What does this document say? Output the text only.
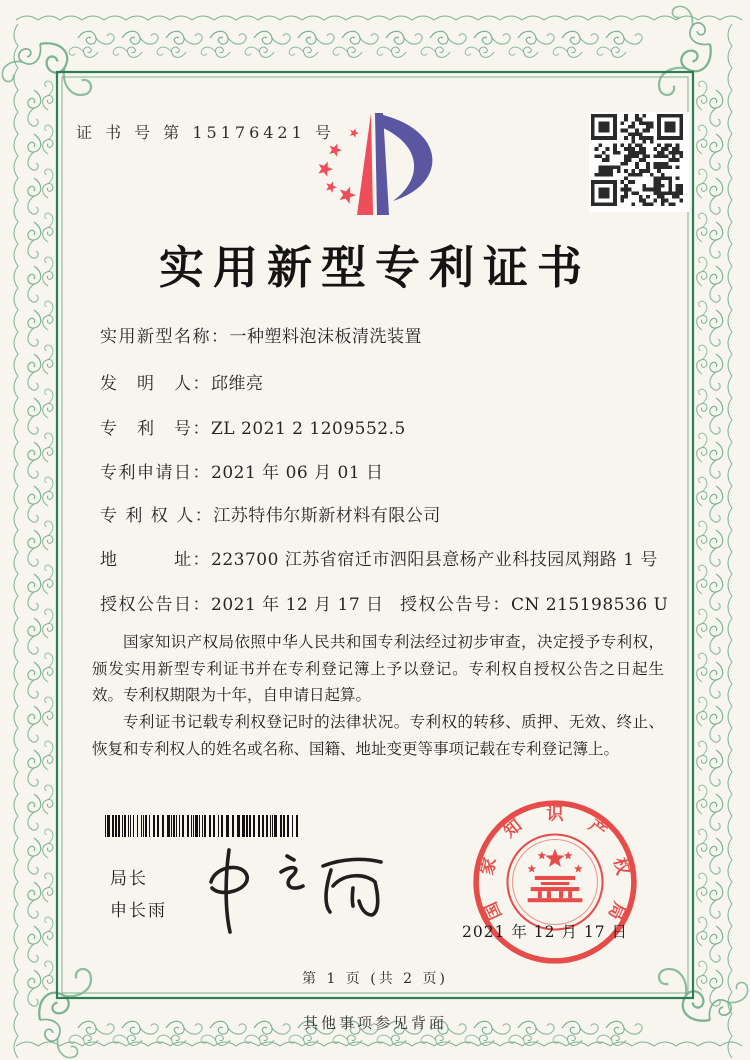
证 书 号 第 15176421 号
实用新型专利证书
实用新型名称：一种塑料泡沫板清洗装置
发　明　人：邱维亮
专　利　号：ZL 2021 2 1209552.5
专利申请日：2021 年 06 月 01 日
专 利 权 人：江苏特伟尔斯新材料有限公司
地　　　址：223700 江苏省宿迁市泗阳县意杨产业科技园凤翔路 1 号
授权公告日：2021 年 12 月 17 日 授权公告号：CN 215198536 U

国家知识产权局依照中华人民共和国专利法经过初步审查，决定授予专利权，颁发实用新型专利证书并在专利登记簿上予以登记。专利权自授权公告之日起生效。专利权期限为十年，自申请日起算。

专利证书记载专利权登记时的法律状况。专利权的转移、质押、无效、终止、恢复和专利权人的姓名或名称、国籍、地址变更等事项记载在专利登记簿上。

局长
申长雨	国
家
知
识
产
权
局
2021 年 12 月 17 日
第 1 页 (共 2 页)
其他事项参见背面
